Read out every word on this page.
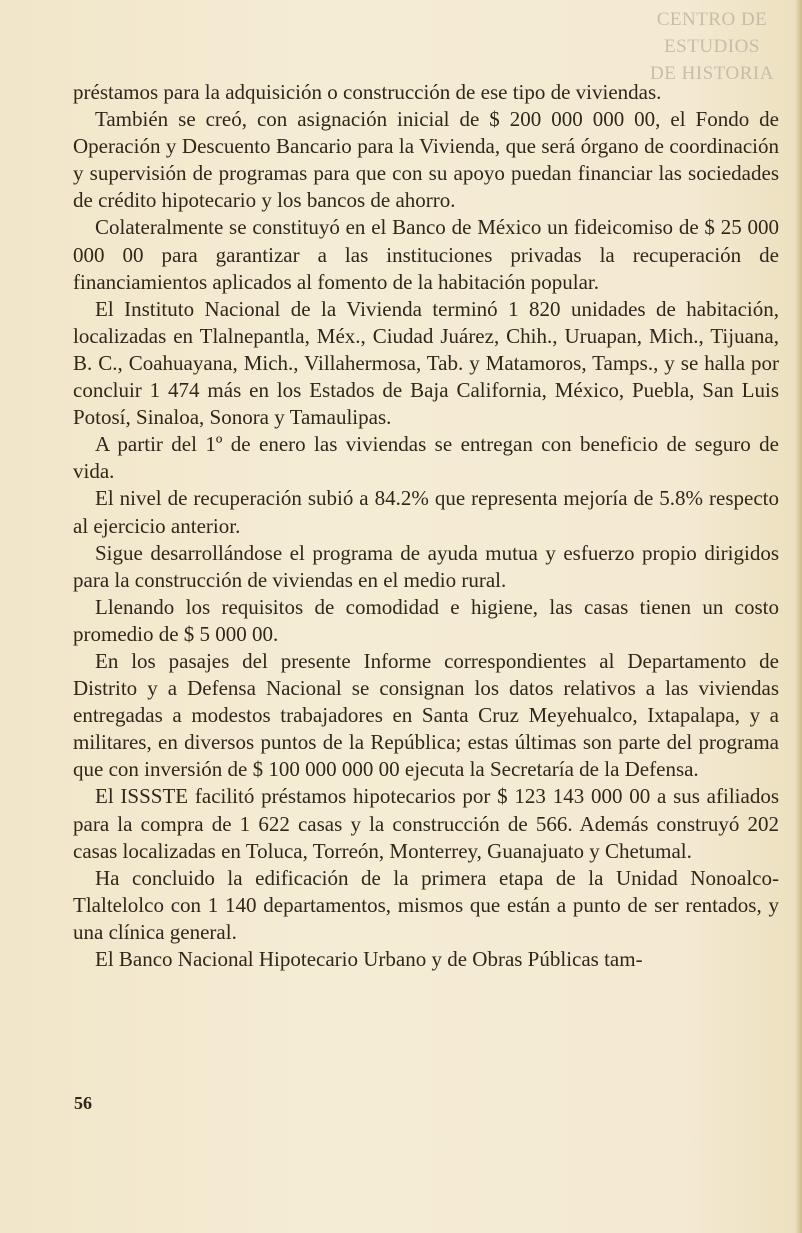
CENTRO DE
ESTUDIOS
DE HISTORIA

préstamos para la adquisición o construcción de ese tipo de viviendas.

También se creó, con asignación inicial de $ 200 000 000 00, el Fondo de Operación y Descuento Bancario para la Vivienda, que será órgano de coordinación y supervisión de programas para que con su apoyo puedan financiar las sociedades de crédito hipotecario y los bancos de ahorro.

Colateralmente se constituyó en el Banco de México un fideicomiso de $ 25 000 000 00 para garantizar a las instituciones privadas la recuperación de financiamientos aplicados al fomento de la habitación popular.

El Instituto Nacional de la Vivienda terminó 1 820 unidades de habitación, localizadas en Tlalnepantla, Méx., Ciudad Juárez, Chih., Uruapan, Mich., Tijuana, B. C., Coahuayana, Mich., Villahermosa, Tab. y Matamoros, Tamps., y se halla por concluir 1 474 más en los Estados de Baja California, México, Puebla, San Luis Potosí, Sinaloa, Sonora y Tamaulipas.

A partir del 1º de enero las viviendas se entregan con beneficio de seguro de vida.

El nivel de recuperación subió a 84.2% que representa mejoría de 5.8% respecto al ejercicio anterior.

Sigue desarrollándose el programa de ayuda mutua y esfuerzo propio dirigidos para la construcción de viviendas en el medio rural.

Llenando los requisitos de comodidad e higiene, las casas tienen un costo promedio de $ 5 000 00.

En los pasajes del presente Informe correspondientes al Departamento de Distrito y a Defensa Nacional se consignan los datos relativos a las viviendas entregadas a modestos trabajadores en Santa Cruz Meyehualco, Ixtapalapa, y a militares, en diversos puntos de la República; estas últimas son parte del programa que con inversión de $ 100 000 000 00 ejecuta la Secretaría de la Defensa.

El ISSSTE facilitó préstamos hipotecarios por $ 123 143 000 00 a sus afiliados para la compra de 1 622 casas y la construcción de 566. Además construyó 202 casas localizadas en Toluca, Torreón, Monterrey, Guanajuato y Chetumal.

Ha concluido la edificación de la primera etapa de la Unidad Nonoalco-Tlaltelolco con 1 140 departamentos, mismos que están a punto de ser rentados, y una clínica general.

El Banco Nacional Hipotecario Urbano y de Obras Públicas tam-

56
